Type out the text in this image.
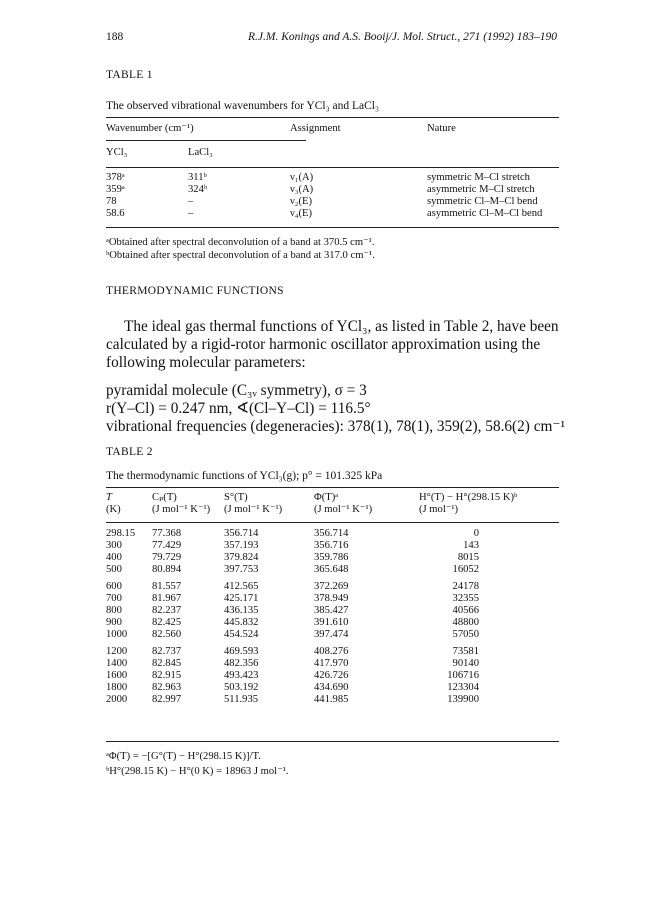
188	R.J.M. Konings and A.S. Booij/J. Mol. Struct., 271 (1992) 183–190
TABLE 1
The observed vibrational wavenumbers for YCl₃ and LaCl₃
Wavenumber (cm⁻¹)	Assignment	Nature
YCl₃	LaCl₃	
378ᵃ	311ᵇ	ν₁(A)	symmetric M–Cl stretch
359ᵃ	324ᵇ	ν₃(A)	asymmetric M–Cl stretch
78	–	ν₂(E)	symmetric Cl–M–Cl bend
58.6	–	ν₄(E)	asymmetric Cl–M–Cl bend
ᵃObtained after spectral deconvolution of a band at 370.5 cm⁻¹.
ᵇObtained after spectral deconvolution of a band at 317.0 cm⁻¹.
THERMODYNAMIC FUNCTIONS
The ideal gas thermal functions of YCl₃, as listed in Table 2, have been calculated by a rigid-rotor harmonic oscillator approximation using the following molecular parameters:
pyramidal molecule (C₃ᵥ symmetry), σ = 3
r(Y–Cl) = 0.247 nm, ∢(Cl–Y–Cl) = 116.5°
vibrational frequencies (degeneracies): 378(1), 78(1), 359(2), 58.6(2) cm⁻¹
TABLE 2
The thermodynamic functions of YCl₃(g); p° = 101.325 kPa
T	Cₚ(T)	S°(T)	Φ(T)ᵃ	H°(T) − H°(298.15 K)ᵇ
(K)	(J mol⁻¹ K⁻¹)	(J mol⁻¹ K⁻¹)	(J mol⁻¹ K⁻¹)	(J mol⁻¹)
298.15	77.368	356.714	356.714	0	
300	77.429	357.193	356.716	143	
400	79.729	379.824	359.786	8015	
500	80.894	397.753	365.648	16052	
600	81.557	412.565	372.269	24178	
700	81.967	425.171	378.949	32355	
800	82.237	436.135	385.427	40566	
900	82.425	445.832	391.610	48800	
1000	82.560	454.524	397.474	57050	
1200	82.737	469.593	408.276	73581	
1400	82.845	482.356	417.970	90140	
1600	82.915	493.423	426.726	106716	
1800	82.963	503.192	434.690	123304	
2000	82.997	511.935	441.985	139900	
ᵃΦ(T) = −[G°(T) − H°(298.15 K)]/T.
ᵇH°(298.15 K) − H°(0 K) = 18963 J mol⁻¹.
